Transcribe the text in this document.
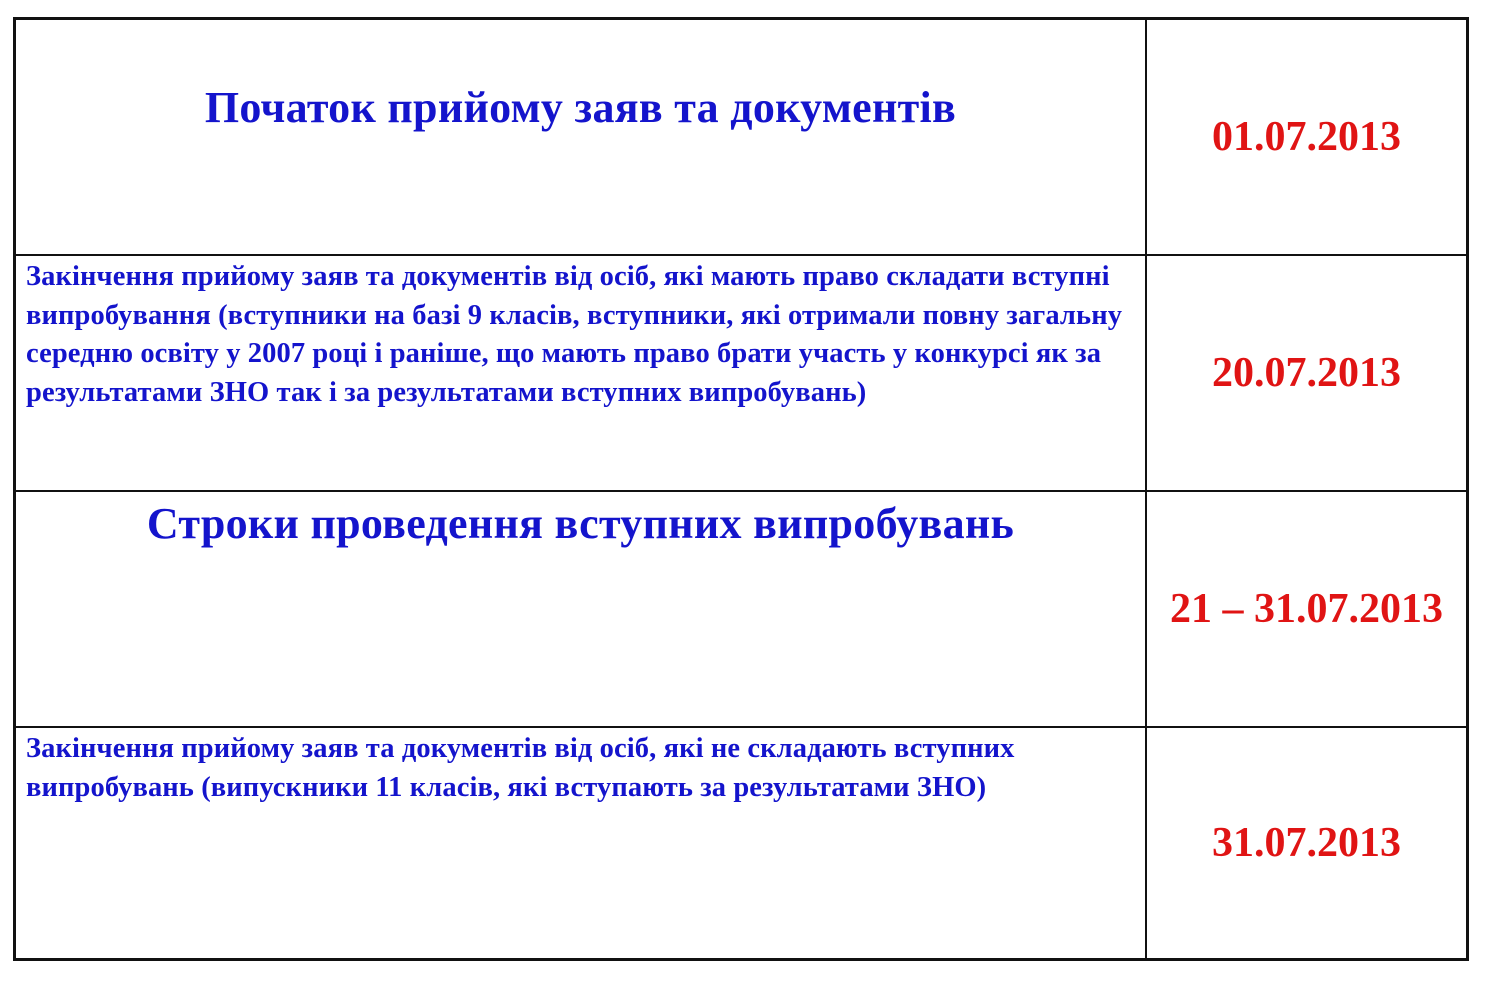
Початок прийому заяв та документів
01.07.2013
Закінчення прийому заяв та документів від осіб, які мають право складати вступні випробування (вступники на базі 9 класів, вступники, які отримали повну загальну середню освіту у 2007 році і раніше, що мають право брати участь у конкурсі як за результатами ЗНО так і за результатами вступних випробувань)	20.07.2013
Строки проведення вступних випробувань
21 – 31.07.2013
Закінчення прийому заяв та документів від осіб, які не складають вступних випробувань (випускники 11 класів, які вступають за результатами ЗНО)
31.07.2013
